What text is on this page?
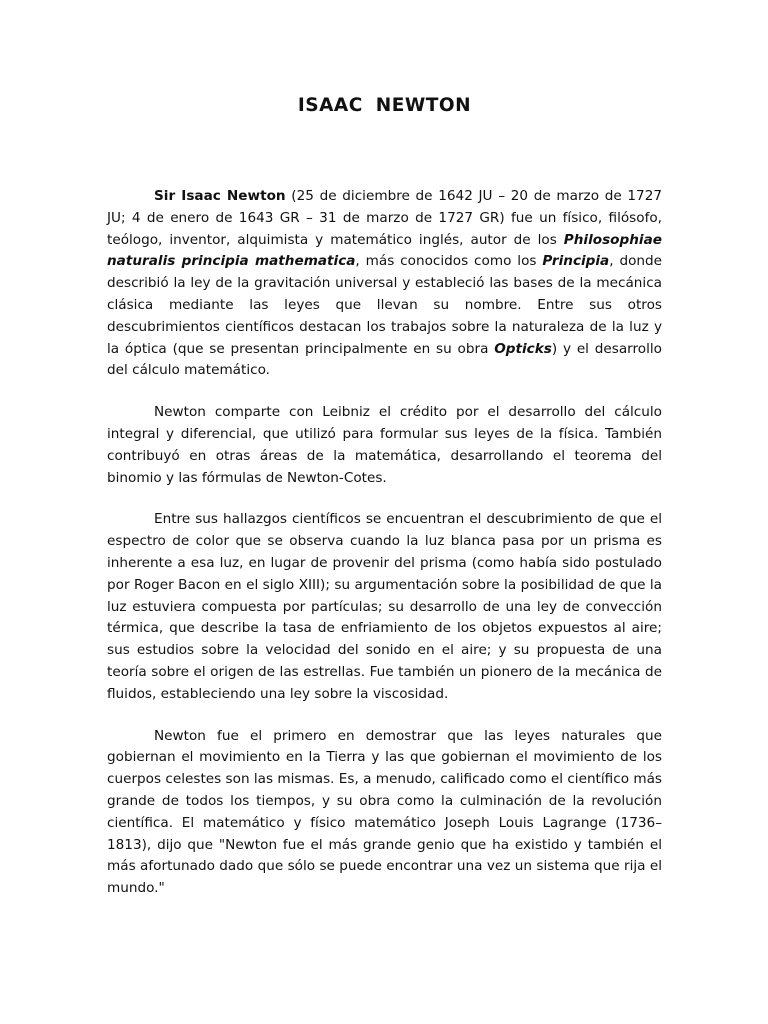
ISAAC NEWTON

Sir Isaac Newton (25 de diciembre de 1642 JU – 20 de marzo de 1727 JU; 4 de enero de 1643 GR – 31 de marzo de 1727 GR) fue un físico, filósofo, teólogo, inventor, alquimista y matemático inglés, autor de los Philosophiae naturalis principia mathematica, más conocidos como los Principia, donde describió la ley de la gravitación universal y estableció las bases de la mecánica clásica mediante las leyes que llevan su nombre. Entre sus otros descubrimientos científicos destacan los trabajos sobre la naturaleza de la luz y la óptica (que se presentan principalmente en su obra Opticks) y el desarrollo del cálculo matemático.

Newton comparte con Leibniz el crédito por el desarrollo del cálculo integral y diferencial, que utilizó para formular sus leyes de la física. También contribuyó en otras áreas de la matemática, desarrollando el teorema del binomio y las fórmulas de Newton-Cotes.

Entre sus hallazgos científicos se encuentran el descubrimiento de que el espectro de color que se observa cuando la luz blanca pasa por un prisma es inherente a esa luz, en lugar de provenir del prisma (como había sido postulado por Roger Bacon en el siglo XIII); su argumentación sobre la posibilidad de que la luz estuviera compuesta por partículas; su desarrollo de una ley de convección térmica, que describe la tasa de enfriamiento de los objetos expuestos al aire; sus estudios sobre la velocidad del sonido en el aire; y su propuesta de una teoría sobre el origen de las estrellas. Fue también un pionero de la mecánica de fluidos, estableciendo una ley sobre la viscosidad.

Newton fue el primero en demostrar que las leyes naturales que gobiernan el movimiento en la Tierra y las que gobiernan el movimiento de los cuerpos celestes son las mismas. Es, a menudo, calificado como el científico más grande de todos los tiempos, y su obra como la culminación de la revolución científica. El matemático y físico matemático Joseph Louis Lagrange (1736–1813), dijo que "Newton fue el más grande genio que ha existido y también el más afortunado dado que sólo se puede encontrar una vez un sistema que rija el mundo."
